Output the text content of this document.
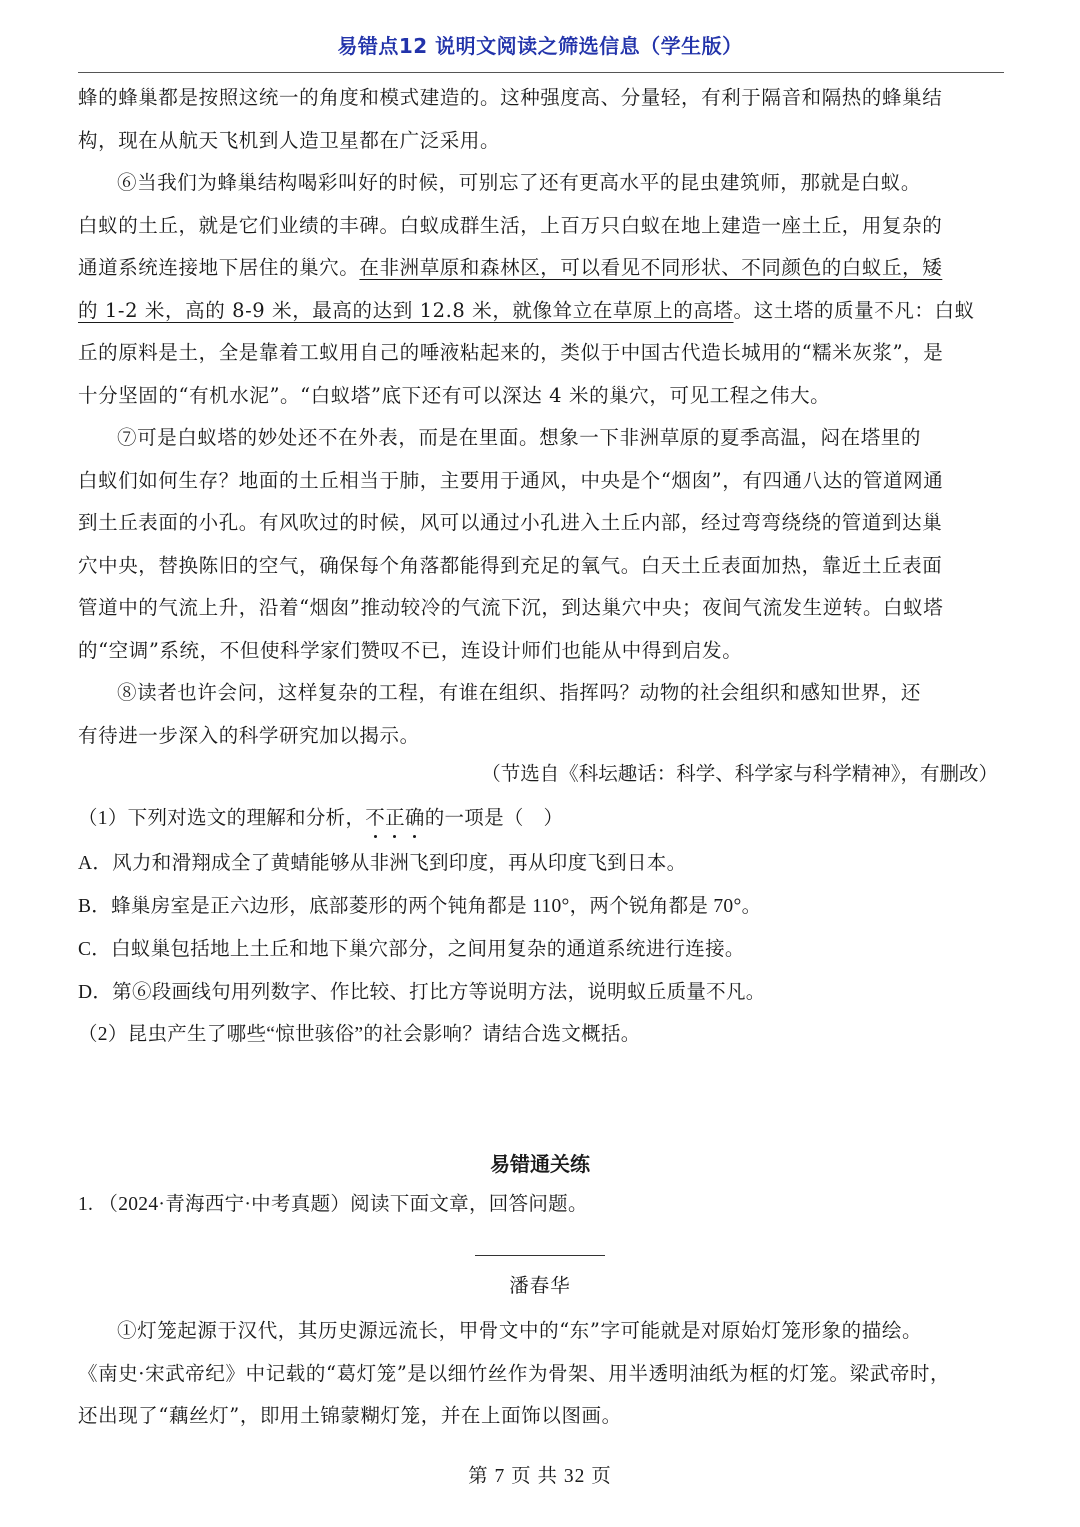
易错点12 说明文阅读之筛选信息（学生版）
蜂的蜂巢都是按照这统一的角度和模式建造的。这种强度高、分量轻，有利于隔音和隔热的蜂巢结
构，现在从航天飞机到人造卫星都在广泛采用。
⑥当我们为蜂巢结构喝彩叫好的时候，可别忘了还有更高水平的昆虫建筑师，那就是白蚁。
白蚁的土丘，就是它们业绩的丰碑。白蚁成群生活，上百万只白蚁在地上建造一座土丘，用复杂的
通道系统连接地下居住的巢穴。在非洲草原和森林区，可以看见不同形状、不同颜色的白蚁丘，矮
的 1-2 米，高的 8-9 米，最高的达到 12.8 米，就像耸立在草原上的高塔。这土塔的质量不凡：白蚁
丘的原料是土，全是靠着工蚁用自己的唾液粘起来的，类似于中国古代造长城用的“糯米灰浆”，是
十分坚固的“有机水泥”。“白蚁塔”底下还有可以深达 4 米的巢穴，可见工程之伟大。
⑦可是白蚁塔的妙处还不在外表，而是在里面。想象一下非洲草原的夏季高温，闷在塔里的
白蚁们如何生存？地面的土丘相当于肺，主要用于通风，中央是个“烟囱”，有四通八达的管道网通
到土丘表面的小孔。有风吹过的时候，风可以通过小孔进入土丘内部，经过弯弯绕绕的管道到达巢
穴中央，替换陈旧的空气，确保每个角落都能得到充足的氧气。白天土丘表面加热，靠近土丘表面
管道中的气流上升，沿着“烟囱”推动较冷的气流下沉，到达巢穴中央；夜间气流发生逆转。白蚁塔
的“空调”系统，不但使科学家们赞叹不已，连设计师们也能从中得到启发。
⑧读者也许会问，这样复杂的工程，有谁在组织、指挥吗？动物的社会组织和感知世界，还
有待进一步深入的科学研究加以揭示。
（节选自《科坛趣话：科学、科学家与科学精神》，有删改）
（1）下列对选文的理解和分析，不正确的一项是（　）
A．风力和滑翔成全了黄蜻能够从非洲飞到印度，再从印度飞到日本。
B．蜂巢房室是正六边形，底部菱形的两个钝角都是 110°，两个锐角都是 70°。
C．白蚁巢包括地上土丘和地下巢穴部分，之间用复杂的通道系统进行连接。
D．第⑥段画线句用列数字、作比较、打比方等说明方法，说明蚁丘质量不凡。
（2）昆虫产生了哪些“惊世骇俗”的社会影响？请结合选文概括。
易错通关练
1. （2024·青海西宁·中考真题）阅读下面文章，回答问题。
潘春华
①灯笼起源于汉代，其历史源远流长，甲骨文中的“东”字可能就是对原始灯笼形象的描绘。
《南史·宋武帝纪》中记载的“葛灯笼”是以细竹丝作为骨架、用半透明油纸为框的灯笼。梁武帝时，
还出现了“藕丝灯”，即用土锦蒙糊灯笼，并在上面饰以图画。
第 7 页 共 32 页
